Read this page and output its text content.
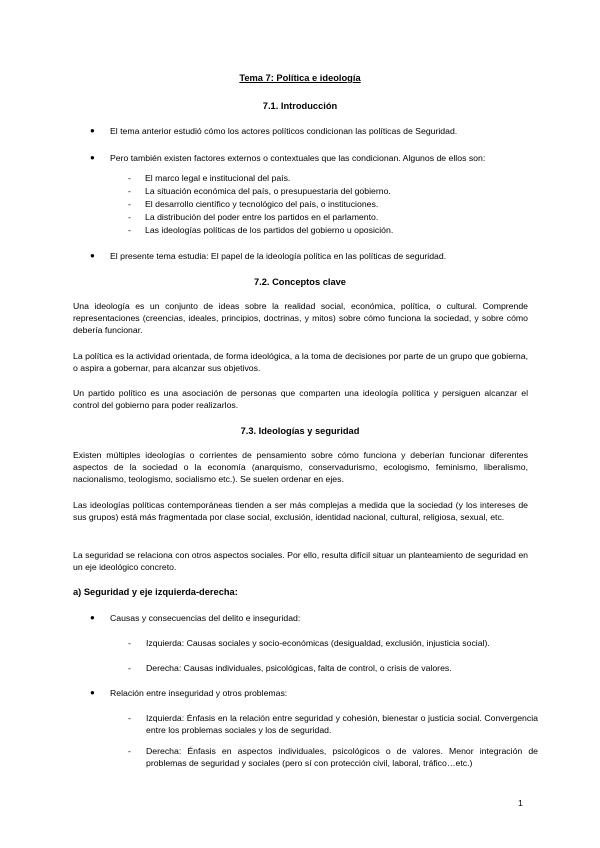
Tema 7: Política e ideología
7.1. Introducción
● El tema anterior estudió cómo los actores políticos condicionan las políticas de Seguridad.
● Pero también existen factores externos o contextuales que las condicionan. Algunos de ellos son:
- El marco legal e institucional del país.
- La situación económica del país, o presupuestaria del gobierno.
- El desarrollo científico y tecnológico del país, o instituciones.
- La distribución del poder entre los partidos en el parlamento.
- Las ideologías políticas de los partidos del gobierno u oposición.
● El presente tema estudia: El papel de la ideología política en las políticas de seguridad.
7.2. Conceptos clave
Una ideología es un conjunto de ideas sobre la realidad social, económica, política, o cultural. Comprende representaciones (creencias, ideales, principios, doctrinas, y mitos) sobre cómo funciona la sociedad, y sobre cómo debería funcionar.
La política es la actividad orientada, de forma ideológica, a la toma de decisiones por parte de un grupo que gobierna, o aspira a gobernar, para alcanzar sus objetivos.
Un partido político es una asociación de personas que comparten una ideología política y persiguen alcanzar el control del gobierno para poder realizarlos.
7.3. Ideologías y seguridad
Existen múltiples ideologías o corrientes de pensamiento sobre cómo funciona y deberían funcionar diferentes aspectos de la sociedad o la economía (anarquismo, conservadurismo, ecologismo, feminismo, liberalismo, nacionalismo, teologismo, socialismo etc.). Se suelen ordenar en ejes.
Las ideologías políticas contemporáneas tienden a ser más complejas a medida que la sociedad (y los intereses de sus grupos) está más fragmentada por clase social, exclusión, identidad nacional, cultural, religiosa, sexual, etc.
La seguridad se relaciona con otros aspectos sociales. Por ello, resulta difícil situar un planteamiento de seguridad en un eje ideológico concreto.
a) Seguridad y eje izquierda-derecha:
● Causas y consecuencias del delito e inseguridad:
- Izquierda: Causas sociales y socio-económicas (desigualdad, exclusión, injusticia social).
- Derecha: Causas individuales, psicológicas, falta de control, o crisis de valores.
● Relación entre inseguridad y otros problemas:
- Izquierda: Énfasis en la relación entre seguridad y cohesión, bienestar o justicia social. Convergencia entre los problemas sociales y los de seguridad.
- Derecha: Énfasis en aspectos individuales, psicológicos o de valores. Menor integración de problemas de seguridad y sociales (pero sí con protección civil, laboral, tráfico…etc.)
1
